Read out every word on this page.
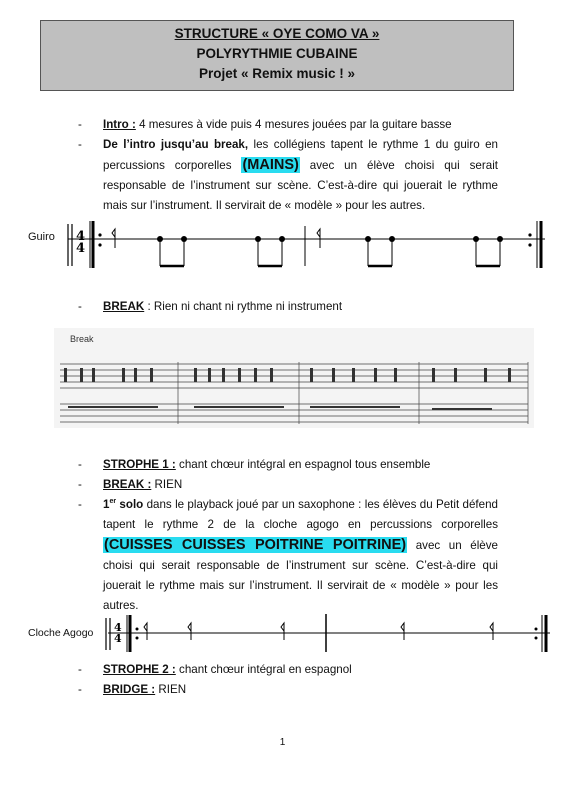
STRUCTURE « OYE COMO VA »
POLYRYTHMIE CUBAINE
Projet « Remix music ! »
- Intro : 4 mesures à vide puis 4 mesures jouées par la guitare basse
- De l’intro jusqu’au break, les collégiens tapent le rythme 1 du guiro en percussions corporelles (MAINS) avec un élève choisi qui serait responsable de l’instrument sur scène. C’est-à-dire qui jouerait le rythme mais sur l’instrument. Il servirait de « modèle » pour les autres.
Guiro 4
4
- BREAK : Rien ni chant ni rythme ni instrument
Break
- STROPHE 1 : chant chœur intégral en espagnol tous ensemble
- BREAK : RIEN
- 1er solo dans le playback joué par un saxophone : les élèves du Petit défend tapent le rythme 2 de la cloche agogo en percussions corporelles (CUISSES CUISSES POITRINE POITRINE) avec un élève choisi qui serait responsable de l’instrument sur scène. C’est-à-dire qui jouerait le rythme mais sur l’instrument. Il servirait de « modèle » pour les autres.
Cloche Agogo 4
4
- STROPHE 2 : chant chœur intégral en espagnol
- BRIDGE : RIEN
1
